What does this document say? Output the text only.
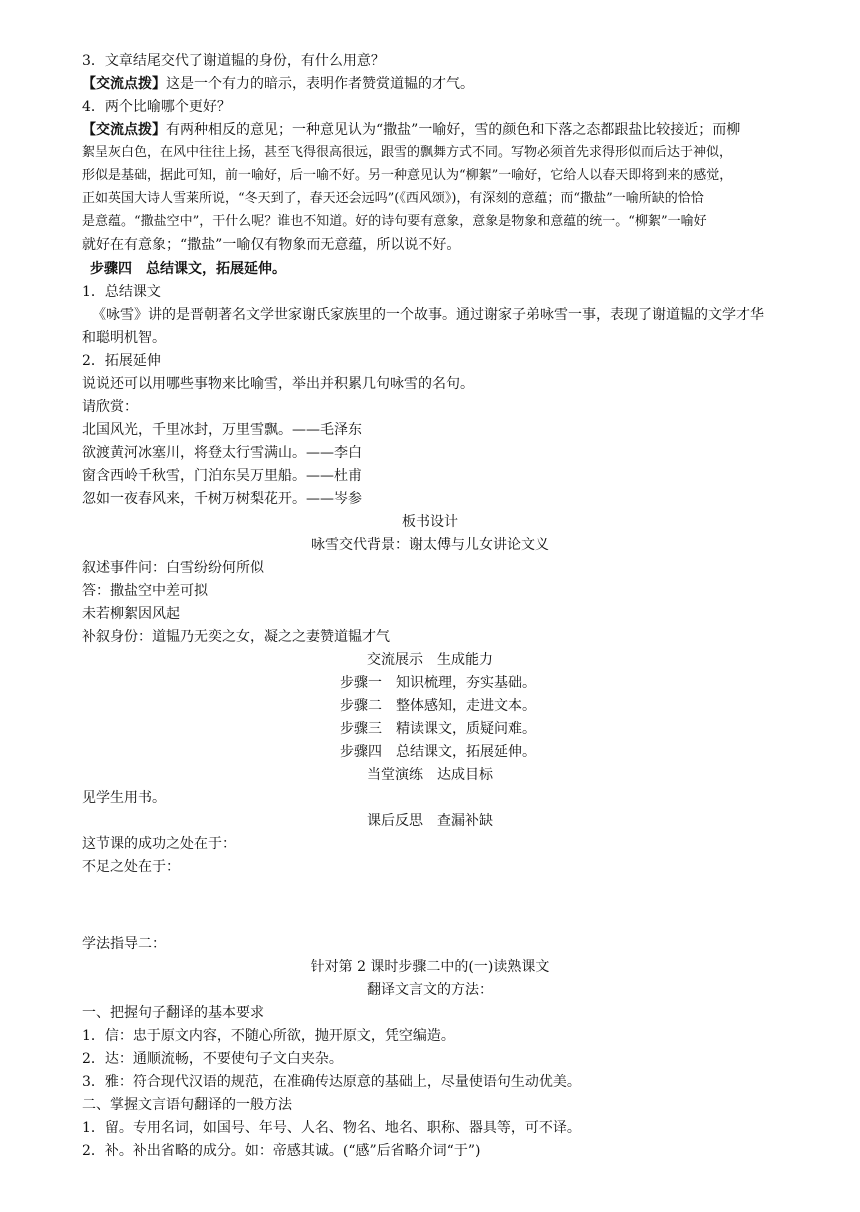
3．文章结尾交代了谢道韫的身份，有什么用意？
【交流点拨】这是一个有力的暗示，表明作者赞赏道韫的才气。
4．两个比喻哪个更好？
【交流点拨】有两种相反的意见；一种意见认为“撒盐”一喻好，雪的颜色和下落之态都跟盐比较接近；而柳
絮呈灰白色，在风中往往上扬，甚至飞得很高很远，跟雪的飘舞方式不同。写物必须首先求得形似而后达于神似，
形似是基础，据此可知，前一喻好，后一喻不好。另一种意见认为“柳絮”一喻好，它给人以春天即将到来的感觉，
正如英国大诗人雪莱所说，“冬天到了，春天还会远吗”(《西风颂》)，有深刻的意蕴；而“撒盐”一喻所缺的恰恰
是意蕴。“撒盐空中”，干什么呢？谁也不知道。好的诗句要有意象，意象是物象和意蕴的统一。“柳絮”一喻好
就好在有意象；“撒盐”一喻仅有物象而无意蕴，所以说不好。
步骤四　总结课文，拓展延伸。
1．总结课文
《咏雪》讲的是晋朝著名文学世家谢氏家族里的一个故事。通过谢家子弟咏雪一事，表现了谢道韫的文学才华
和聪明机智。
2．拓展延伸
说说还可以用哪些事物来比喻雪，举出并积累几句咏雪的名句。
请欣赏：
北国风光，千里冰封，万里雪飘。——毛泽东
欲渡黄河冰塞川，将登太行雪满山。——李白
窗含西岭千秋雪，门泊东吴万里船。——杜甫
忽如一夜春风来，千树万树梨花开。——岑参
板书设计
咏雪交代背景：谢太傅与儿女讲论文义
叙述事件问：白雪纷纷何所似
答：撒盐空中差可拟
未若柳絮因风起
补叙身份：道韫乃无奕之女，凝之之妻赞道韫才气
交流展示　生成能力
步骤一　知识梳理，夯实基础。
步骤二　整体感知，走进文本。
步骤三　精读课文，质疑问难。
步骤四　总结课文，拓展延伸。
当堂演练　达成目标
见学生用书。
课后反思　查漏补缺
这节课的成功之处在于：
不足之处在于：
学法指导二：
针对第 2 课时步骤二中的(一)读熟课文
翻译文言文的方法：
一、把握句子翻译的基本要求
1．信：忠于原文内容，不随心所欲，抛开原文，凭空编造。
2．达：通顺流畅，不要使句子文白夹杂。
3．雅：符合现代汉语的规范，在准确传达原意的基础上，尽量使语句生动优美。
二、掌握文言语句翻译的一般方法
1．留。专用名词，如国号、年号、人名、物名、地名、职称、器具等，可不译。
2．补。补出省略的成分。如：帝感其诚。(“感”后省略介词“于”)
